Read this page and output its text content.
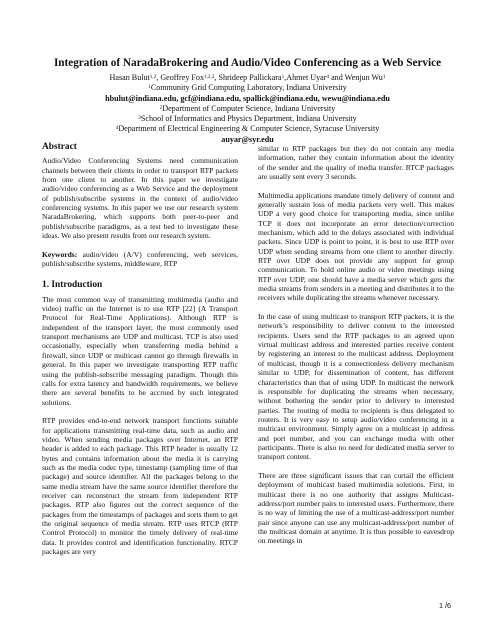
Integration of NaradaBrokering and Audio/Video Conferencing as a Web Service
Hasan Bulut$^{1,2}$, Geoffrey Fox$^{1,2,3}$, Shrideep Pallickara$^1$,Ahmet Uyar$^4$ and Wenjun Wu$^1$
$^1$Community Grid Computing Laboratory, Indiana University
hbulut@indiana.edu, gcf@indiana.edu, spallick@indiana.edu, wewu@indiana.edu
$^2$Department of Computer Science, Indiana University
$^3$School of Informatics and Physics Department, Indiana University
$^4$Department of Electrical Engineering & Computer Science, Syracuse University
auyar@syr.edu
Abstract

Audio/Video Conferencing Systems need communication channels between their clients in order to transport RTP packets from one client to another. In this paper we investigate audio/video conferencing as a Web Service and the deployment of publish/subscribe systems in the context of audio/video conferencing systems. In this paper we use our research system NaradaBrokering, which supports both peer-to-peer and publish/subscribe paradigms, as a test bed to investigate these ideas. We also present results from our research system.

Keywords: audio/video (A/V) conferencing, web services, publish/subscribe systems, middleware, RTP

1. Introduction

The most common way of transmitting multimedia (audio and video) traffic on the Internet is to use RTP [22] (A Transport Protocol for Real-Time Applications). Although RTP is independent of the transport layer, the most commonly used transport mechanisms are UDP and multicast. TCP is also used occasionally, especially when transferring media behind a firewall, since UDP or multicast cannot go through firewalls in general. In this paper we investigate transporting RTP traffic using the publish-subscribe messaging paradigm. Though this calls for extra latency and bandwidth requirements, we believe there are several benefits to be accrued by such integrated solutions.

RTP provides end-to-end network transport functions suitable for applications transmitting real-time data, such as audio and video. When sending media packages over Internet, an RTP header is added to each package. This RTP header is usually 12 bytes and contains information about the media it is carrying such as the media codec type, timestamp (sampling time of that package) and source identifier. All the packages belong to the same media stream have the same source identifier therefore the receiver can reconstruct the stream from independent RTP packages. RTP also figures out the correct sequence of the packages from the timestamps of packages and sorts them to get the original sequence of media stream. RTP uses RTCP (RTP Control Protocol) to monitor the timely delivery of real-time data. It provides control and identification functionality. RTCP packages are very

similar to RTP packages but they do not contain any media information, rather they contain information about the identity of the sender and the quality of media transfer. RTCP packages are usually sent every 3 seconds.

Multimedia applications mandate timely delivery of content and generally sustain loss of media packets very well. This makes UDP a very good choice for transporting media, since unlike TCP it does not incorporate an error detection/correction mechanism, which add to the delays associated with individual packets. Since UDP is point to point, it is best to use RTP over UDP when sending streams from one client to another directly. RTP over UDP does not provide any support for group communication. To hold online audio or video meetings using RTP over UDP, one should have a media server which gets the media streams from senders in a meeting and distributes it to the receivers while duplicating the streams whenever necessary.

In the case of using multicast to transport RTP packets, it is the network’s responsibility to deliver content to the interested recipients. Users send the RTP packages to an agreed upon virtual multicast address and interested parties receive content by registering an interest to the multicast address. Deployment of multicast, though it is a connectionless delivery mechanism similar to UDP, for dissemination of content, has different characteristics than that of using UDP. In multicast the network is responsible for duplicating the streams when necessary, without bothering the sender prior to delivery to interested parties. The routing of media to recipients is thus delegated to routers. It is very easy to setup audio/video conferencing in a multicast environment. Simply agree on a multicast ip address and port number, and you can exchange media with other participants. There is also no need for dedicated media server to transport content.

There are three significant issues that can curtail the efficient deployment of multicast based multimedia solutions. First, in multicast there is no one authority that assigns Multicast-address/port number pairs to interested users. Furthermore, there is no way of limiting the use of a multicast-address/port number pair since anyone can use any multicast-address/port number of the multicast domain at anytime. It is thus possible to eavesdrop on meetings in

1 /6
